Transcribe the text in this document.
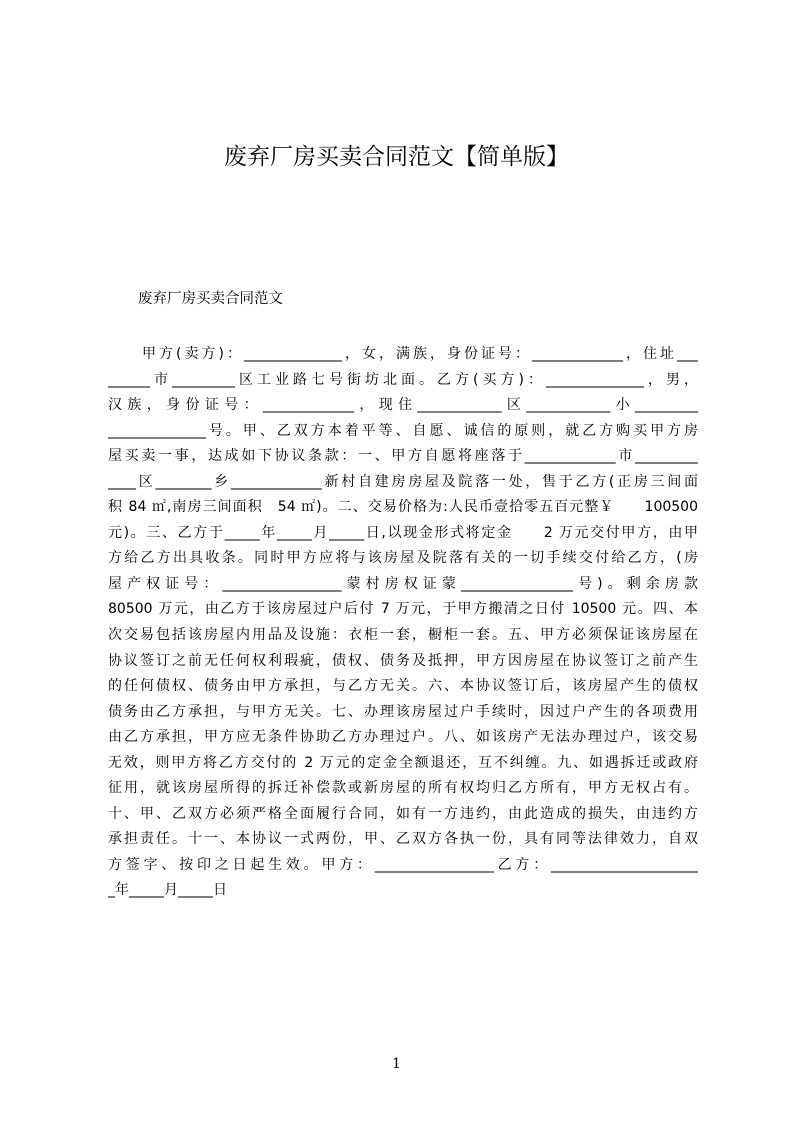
废弃厂房买卖合同范文【简单版】
废弃厂房买卖合同范文
　　甲方(卖方)：______________，女，满族，身份证号：_____________，住址___
______市_________区工业路七号街坊北面。乙方(买方)：______________，男，
汉族，身份证号：_____________，现住____________区____________小_________
______________号。甲、乙双方本着平等、自愿、诚信的原则，就乙方购买甲方房
屋买卖一事，达成如下协议条款：一、甲方自愿将座落于_____________市_________
____区________乡_____________新村自建房房屋及院落一处，售于乙方(正房三间面
积 84 ㎡,南房三间面积　54 ㎡)。二、交易价格为:人民币壹拾零五百元整￥　　100500
元)。三、乙方于_____年_____月_____日,以现金形式将定金　　2 万元交付甲方，由甲
方给乙方出具收条。同时甲方应将与该房屋及院落有关的一切手续交付给乙方，(房
屋产权证号：_________________蒙村房权证蒙________________号)。剩余房款
80500 万元，由乙方于该房屋过户后付 7 万元，于甲方搬清之日付 10500 元。四、本
次交易包括该房屋内用品及设施：衣柜一套，橱柜一套。五、甲方必须保证该房屋在
协议签订之前无任何权利瑕疵，债权、债务及抵押，甲方因房屋在协议签订之前产生
的任何债权、债务由甲方承担，与乙方无关。六、本协议签订后，该房屋产生的债权
债务由乙方承担，与甲方无关。七、办理该房屋过户手续时，因过户产生的各项费用
由乙方承担，甲方应无条件协助乙方办理过户。八、如该房产无法办理过户，该交易
无效，则甲方将乙方交付的 2 万元的定金全额退还，互不纠缠。九、如遇拆迁或政府
征用，就该房屋所得的拆迁补偿款或新房屋的所有权均归乙方所有，甲方无权占有。
十、甲、乙双方必须严格全面履行合同，如有一方违约，由此造成的损失，由违约方
承担责任。十一、本协议一式两份，甲、乙双方各执一份，具有同等法律效力，自双
方签字、按印之日起生效。甲方：_________________乙方：_____________________
_年_____月_____日
1
